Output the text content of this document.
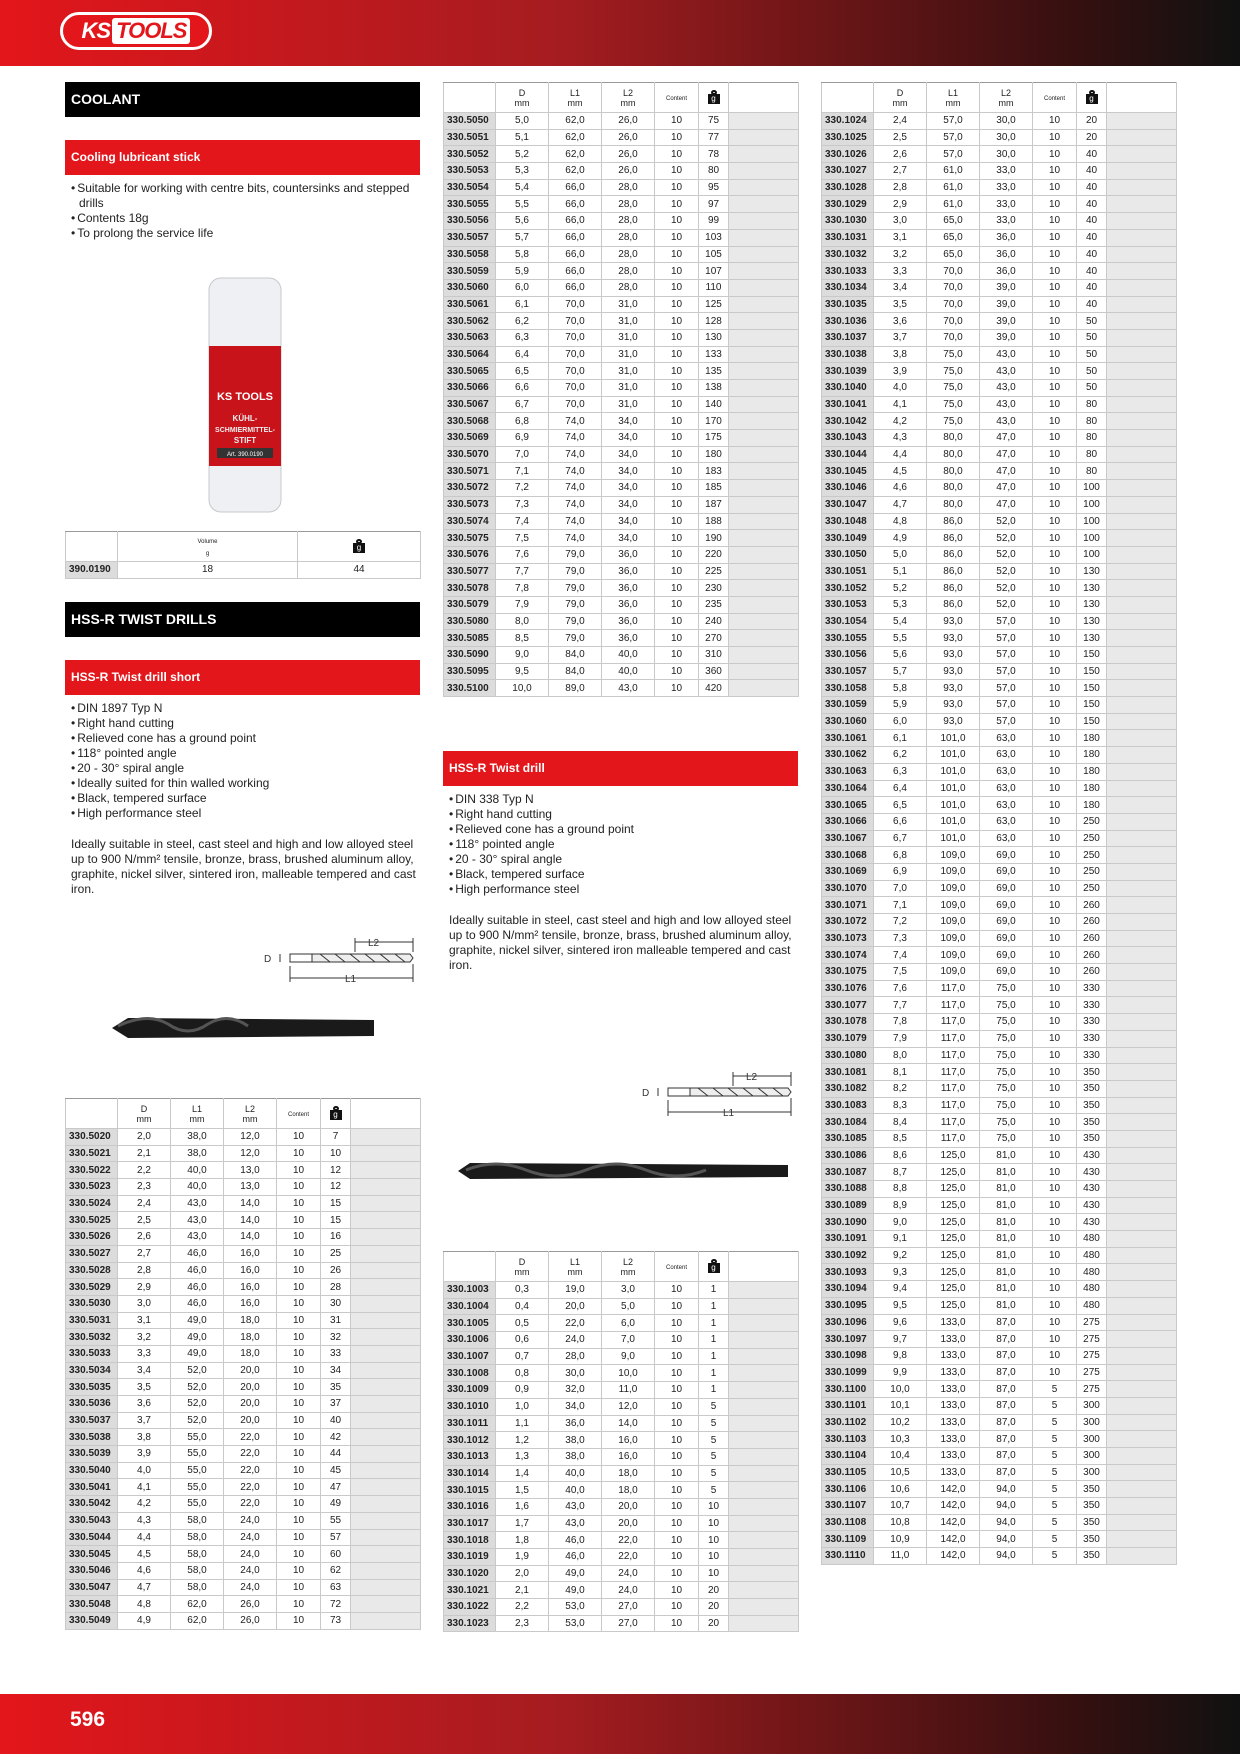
KS TOOLS
596
COOLANT
Cooling lubricant stick
• Suitable for working with centre bits, countersinks and stepped drills
• Contents 18g
• To prolong the service life
KS TOOLS
KÜHL-
SCHMIERMITTEL-
STIFT
Art. 390.0190
	Volume
g	g
390.0190	18	44
HSS-R TWIST DRILLS
HSS-R Twist drill short
• DIN 1897 Typ N
• Right hand cutting
• Relieved cone has a ground point
• 118° pointed angle
• 20 - 30° spiral angle
• Ideally suited for thin walled working
• Black, tempered surface
• High performance steel

Ideally suitable in steel, cast steel and high and low alloyed steel up to 900 N/mm² tensile, bronze, brass, brushed aluminum alloy, graphite, nickel silver, sintered iron, malleable tempered and cast iron.

L2
L1
D
	D
mm	L1
mm	L2
mm	Content	g	
330.5020	2,0	38,0	12,0	10	7	
330.5021	2,1	38,0	12,0	10	10	
330.5022	2,2	40,0	13,0	10	12	
330.5023	2,3	40,0	13,0	10	12	
330.5024	2,4	43,0	14,0	10	15	
330.5025	2,5	43,0	14,0	10	15	
330.5026	2,6	43,0	14,0	10	16	
330.5027	2,7	46,0	16,0	10	25	
330.5028	2,8	46,0	16,0	10	26	
330.5029	2,9	46,0	16,0	10	28	
330.5030	3,0	46,0	16,0	10	30	
330.5031	3,1	49,0	18,0	10	31	
330.5032	3,2	49,0	18,0	10	32	
330.5033	3,3	49,0	18,0	10	33	
330.5034	3,4	52,0	20,0	10	34	
330.5035	3,5	52,0	20,0	10	35	
330.5036	3,6	52,0	20,0	10	37	
330.5037	3,7	52,0	20,0	10	40	
330.5038	3,8	55,0	22,0	10	42	
330.5039	3,9	55,0	22,0	10	44	
330.5040	4,0	55,0	22,0	10	45	
330.5041	4,1	55,0	22,0	10	47	
330.5042	4,2	55,0	22,0	10	49	
330.5043	4,3	58,0	24,0	10	55	
330.5044	4,4	58,0	24,0	10	57	
330.5045	4,5	58,0	24,0	10	60	
330.5046	4,6	58,0	24,0	10	62	
330.5047	4,7	58,0	24,0	10	63	
330.5048	4,8	62,0	26,0	10	72	
330.5049	4,9	62,0	26,0	10	73	
	D
mm	L1
mm	L2
mm	Content	g	
330.5050	5,0	62,0	26,0	10	75	
330.5051	5,1	62,0	26,0	10	77	
330.5052	5,2	62,0	26,0	10	78	
330.5053	5,3	62,0	26,0	10	80	
330.5054	5,4	66,0	28,0	10	95	
330.5055	5,5	66,0	28,0	10	97	
330.5056	5,6	66,0	28,0	10	99	
330.5057	5,7	66,0	28,0	10	103	
330.5058	5,8	66,0	28,0	10	105	
330.5059	5,9	66,0	28,0	10	107	
330.5060	6,0	66,0	28,0	10	110	
330.5061	6,1	70,0	31,0	10	125	
330.5062	6,2	70,0	31,0	10	128	
330.5063	6,3	70,0	31,0	10	130	
330.5064	6,4	70,0	31,0	10	133	
330.5065	6,5	70,0	31,0	10	135	
330.5066	6,6	70,0	31,0	10	138	
330.5067	6,7	70,0	31,0	10	140	
330.5068	6,8	74,0	34,0	10	170	
330.5069	6,9	74,0	34,0	10	175	
330.5070	7,0	74,0	34,0	10	180	
330.5071	7,1	74,0	34,0	10	183	
330.5072	7,2	74,0	34,0	10	185	
330.5073	7,3	74,0	34,0	10	187	
330.5074	7,4	74,0	34,0	10	188	
330.5075	7,5	74,0	34,0	10	190	
330.5076	7,6	79,0	36,0	10	220	
330.5077	7,7	79,0	36,0	10	225	
330.5078	7,8	79,0	36,0	10	230	
330.5079	7,9	79,0	36,0	10	235	
330.5080	8,0	79,0	36,0	10	240	
330.5085	8,5	79,0	36,0	10	270	
330.5090	9,0	84,0	40,0	10	310	
330.5095	9,5	84,0	40,0	10	360	
330.5100	10,0	89,0	43,0	10	420	
HSS-R Twist drill
• DIN 338 Typ N
• Right hand cutting
• Relieved cone has a ground point
• 118° pointed angle
• 20 - 30° spiral angle
• Black, tempered surface
• High performance steel

Ideally suitable in steel, cast steel and high and low alloyed steel up to 900 N/mm² tensile, bronze, brass, brushed aluminum alloy, graphite, nickel silver, sintered iron malleable tempered and cast iron.

L2
L1
D
	D
mm	L1
mm	L2
mm	Content	g	
330.1003	0,3	19,0	3,0	10	1	
330.1004	0,4	20,0	5,0	10	1	
330.1005	0,5	22,0	6,0	10	1	
330.1006	0,6	24,0	7,0	10	1	
330.1007	0,7	28,0	9,0	10	1	
330.1008	0,8	30,0	10,0	10	1	
330.1009	0,9	32,0	11,0	10	1	
330.1010	1,0	34,0	12,0	10	5	
330.1011	1,1	36,0	14,0	10	5	
330.1012	1,2	38,0	16,0	10	5	
330.1013	1,3	38,0	16,0	10	5	
330.1014	1,4	40,0	18,0	10	5	
330.1015	1,5	40,0	18,0	10	5	
330.1016	1,6	43,0	20,0	10	10	
330.1017	1,7	43,0	20,0	10	10	
330.1018	1,8	46,0	22,0	10	10	
330.1019	1,9	46,0	22,0	10	10	
330.1020	2,0	49,0	24,0	10	10	
330.1021	2,1	49,0	24,0	10	20	
330.1022	2,2	53,0	27,0	10	20	
330.1023	2,3	53,0	27,0	10	20	
	D
mm	L1
mm	L2
mm	Content	g	
330.1024	2,4	57,0	30,0	10	20	
330.1025	2,5	57,0	30,0	10	20	
330.1026	2,6	57,0	30,0	10	40	
330.1027	2,7	61,0	33,0	10	40	
330.1028	2,8	61,0	33,0	10	40	
330.1029	2,9	61,0	33,0	10	40	
330.1030	3,0	65,0	33,0	10	40	
330.1031	3,1	65,0	36,0	10	40	
330.1032	3,2	65,0	36,0	10	40	
330.1033	3,3	70,0	36,0	10	40	
330.1034	3,4	70,0	39,0	10	40	
330.1035	3,5	70,0	39,0	10	40	
330.1036	3,6	70,0	39,0	10	50	
330.1037	3,7	70,0	39,0	10	50	
330.1038	3,8	75,0	43,0	10	50	
330.1039	3,9	75,0	43,0	10	50	
330.1040	4,0	75,0	43,0	10	50	
330.1041	4,1	75,0	43,0	10	80	
330.1042	4,2	75,0	43,0	10	80	
330.1043	4,3	80,0	47,0	10	80	
330.1044	4,4	80,0	47,0	10	80	
330.1045	4,5	80,0	47,0	10	80	
330.1046	4,6	80,0	47,0	10	100	
330.1047	4,7	80,0	47,0	10	100	
330.1048	4,8	86,0	52,0	10	100	
330.1049	4,9	86,0	52,0	10	100	
330.1050	5,0	86,0	52,0	10	100	
330.1051	5,1	86,0	52,0	10	130	
330.1052	5,2	86,0	52,0	10	130	
330.1053	5,3	86,0	52,0	10	130	
330.1054	5,4	93,0	57,0	10	130	
330.1055	5,5	93,0	57,0	10	130	
330.1056	5,6	93,0	57,0	10	150	
330.1057	5,7	93,0	57,0	10	150	
330.1058	5,8	93,0	57,0	10	150	
330.1059	5,9	93,0	57,0	10	150	
330.1060	6,0	93,0	57,0	10	150	
330.1061	6,1	101,0	63,0	10	180	
330.1062	6,2	101,0	63,0	10	180	
330.1063	6,3	101,0	63,0	10	180	
330.1064	6,4	101,0	63,0	10	180	
330.1065	6,5	101,0	63,0	10	180	
330.1066	6,6	101,0	63,0	10	250	
330.1067	6,7	101,0	63,0	10	250	
330.1068	6,8	109,0	69,0	10	250	
330.1069	6,9	109,0	69,0	10	250	
330.1070	7,0	109,0	69,0	10	250	
330.1071	7,1	109,0	69,0	10	260	
330.1072	7,2	109,0	69,0	10	260	
330.1073	7,3	109,0	69,0	10	260	
330.1074	7,4	109,0	69,0	10	260	
330.1075	7,5	109,0	69,0	10	260	
330.1076	7,6	117,0	75,0	10	330	
330.1077	7,7	117,0	75,0	10	330	
330.1078	7,8	117,0	75,0	10	330	
330.1079	7,9	117,0	75,0	10	330	
330.1080	8,0	117,0	75,0	10	330	
330.1081	8,1	117,0	75,0	10	350	
330.1082	8,2	117,0	75,0	10	350	
330.1083	8,3	117,0	75,0	10	350	
330.1084	8,4	117,0	75,0	10	350	
330.1085	8,5	117,0	75,0	10	350	
330.1086	8,6	125,0	81,0	10	430	
330.1087	8,7	125,0	81,0	10	430	
330.1088	8,8	125,0	81,0	10	430	
330.1089	8,9	125,0	81,0	10	430	
330.1090	9,0	125,0	81,0	10	430	
330.1091	9,1	125,0	81,0	10	480	
330.1092	9,2	125,0	81,0	10	480	
330.1093	9,3	125,0	81,0	10	480	
330.1094	9,4	125,0	81,0	10	480	
330.1095	9,5	125,0	81,0	10	480	
330.1096	9,6	133,0	87,0	10	275	
330.1097	9,7	133,0	87,0	10	275	
330.1098	9,8	133,0	87,0	10	275	
330.1099	9,9	133,0	87,0	10	275	
330.1100	10,0	133,0	87,0	5	275	
330.1101	10,1	133,0	87,0	5	300	
330.1102	10,2	133,0	87,0	5	300	
330.1103	10,3	133,0	87,0	5	300	
330.1104	10,4	133,0	87,0	5	300	
330.1105	10,5	133,0	87,0	5	300	
330.1106	10,6	142,0	94,0	5	350	
330.1107	10,7	142,0	94,0	5	350	
330.1108	10,8	142,0	94,0	5	350	
330.1109	10,9	142,0	94,0	5	350	
330.1110	11,0	142,0	94,0	5	350	
